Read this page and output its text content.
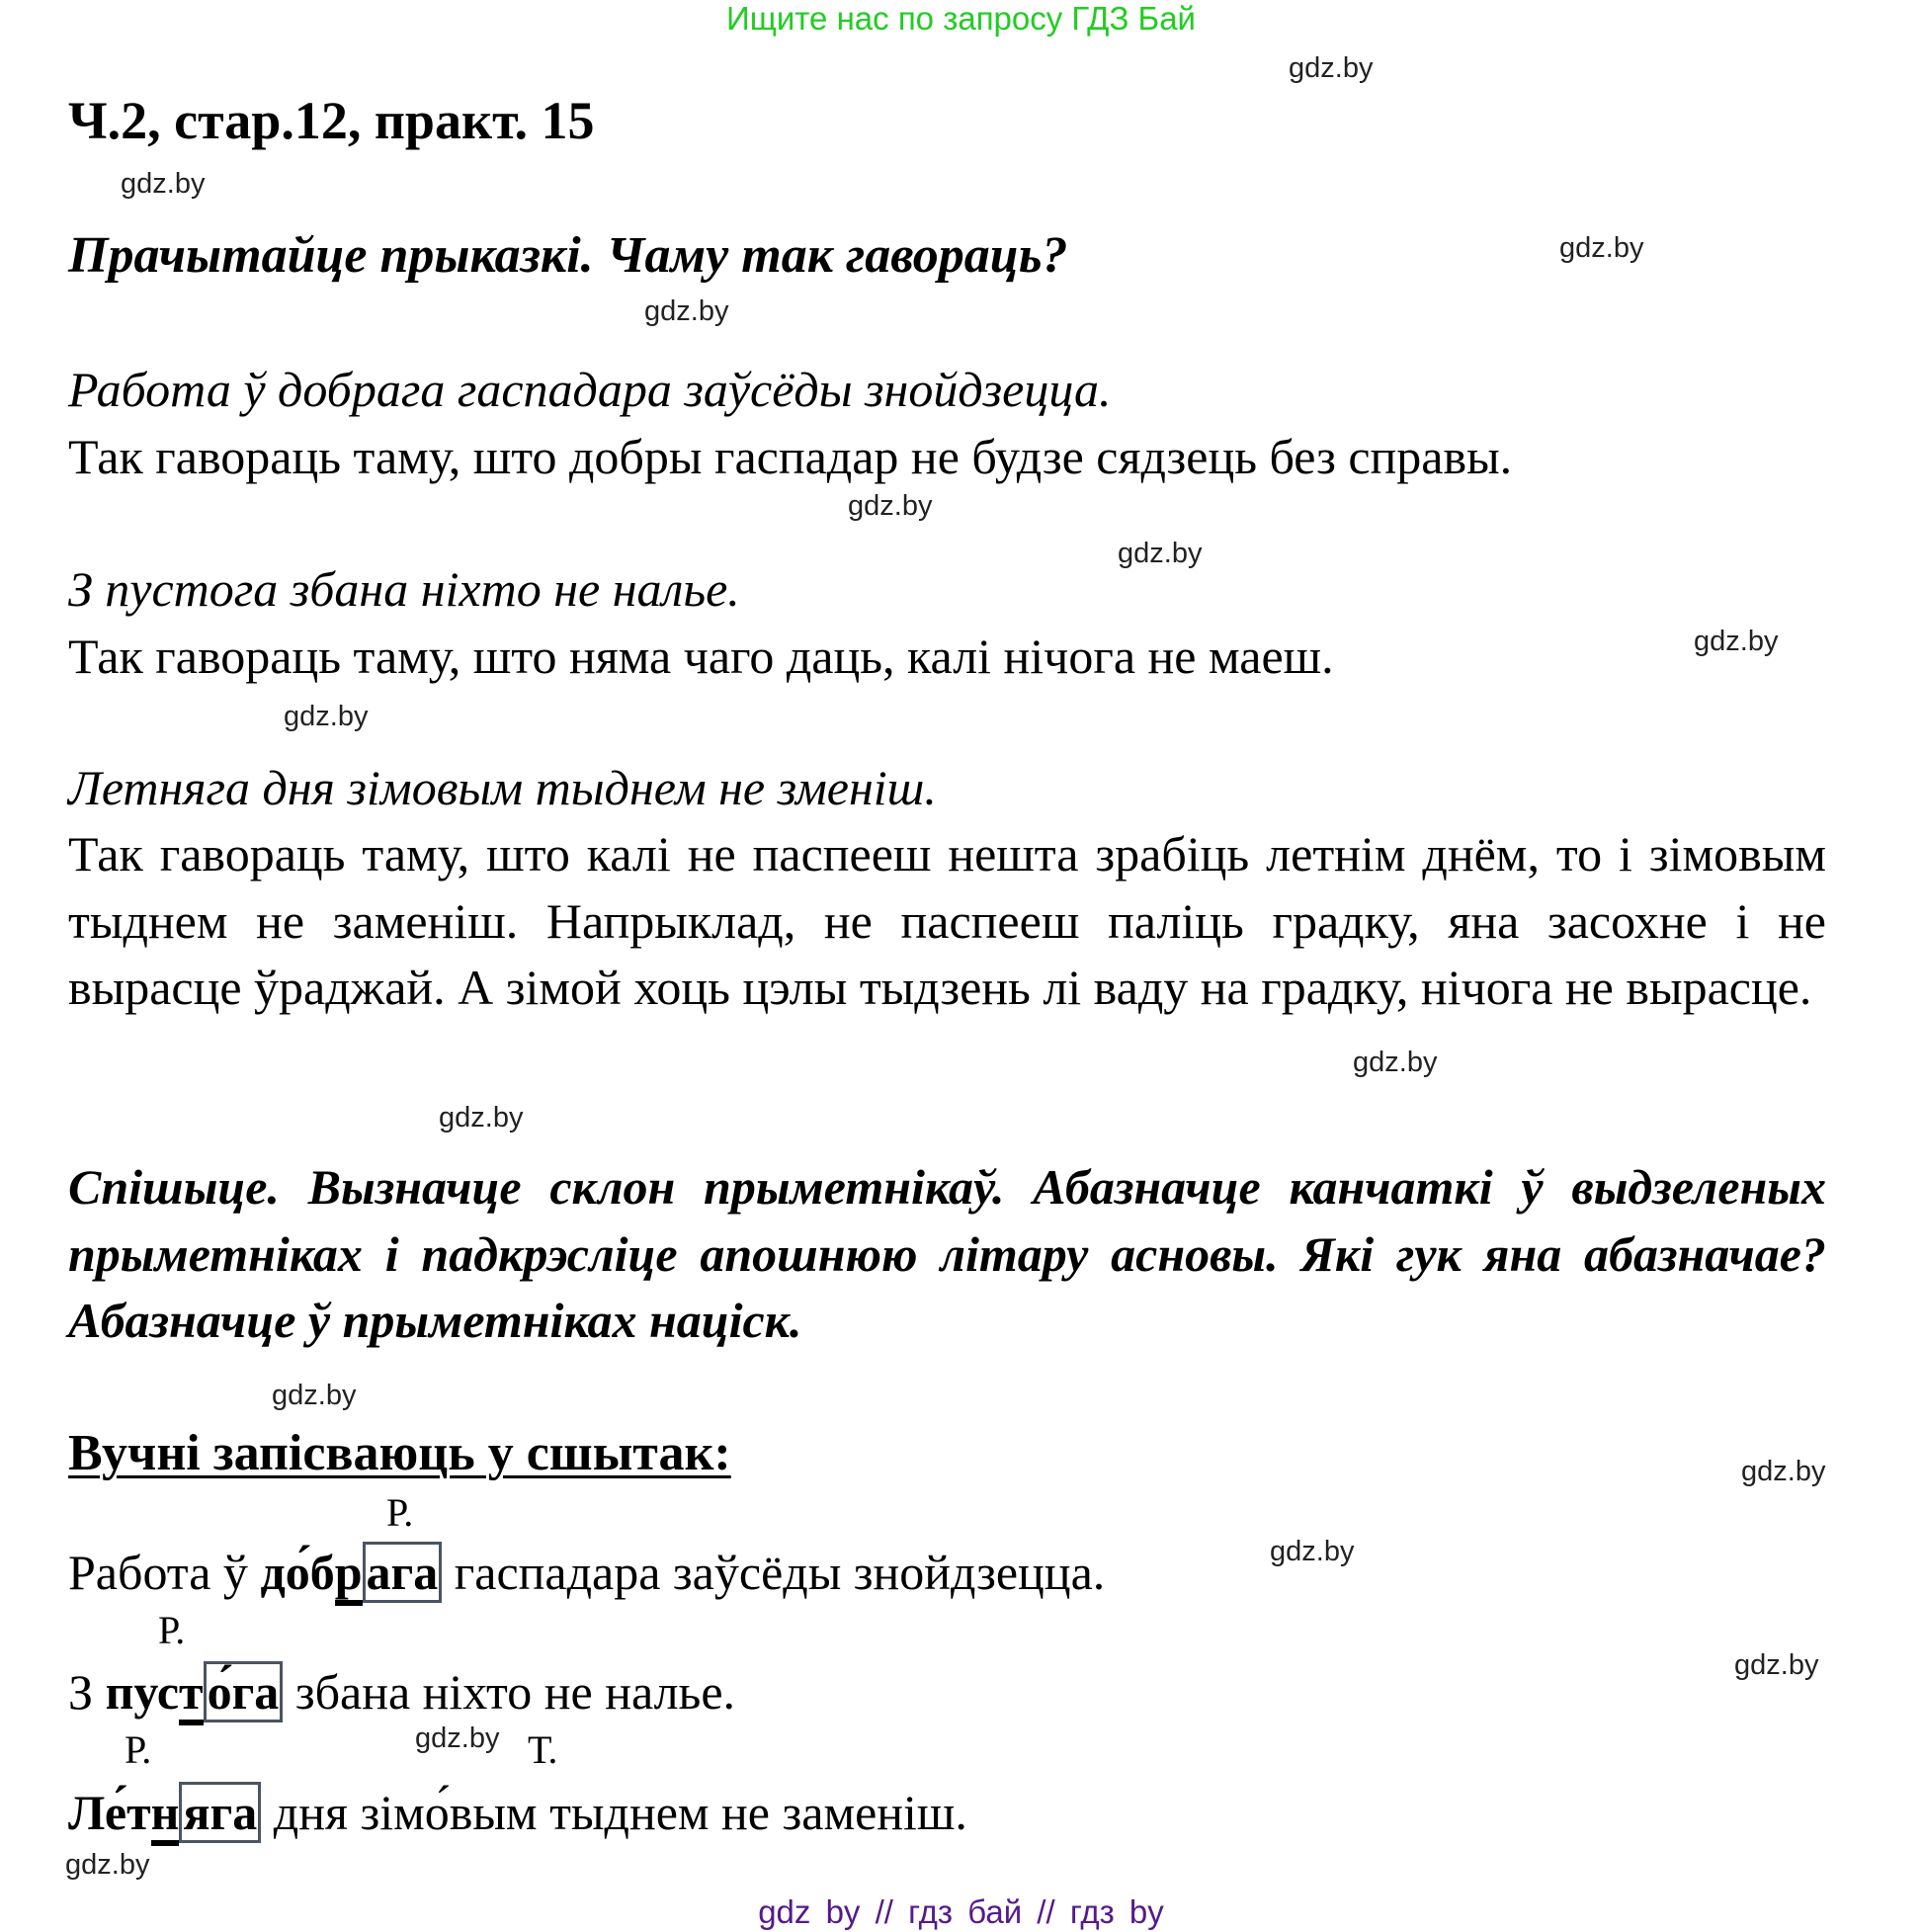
Ищите нас по запросу ГДЗ Бай
Ч.2, стар.12, практ. 15
Прачытайце прыказкі. Чаму так гавораць?
Работа ў добрага гаспадара заўсёды знойдзецца.
Так гавораць таму, што добры гаспадар не будзе сядзець без справы.
З пустога збана ніхто не налье.
Так гавораць таму, што няма чаго даць, калі нічога не маеш.
Летняга дня зімовым тыднем не зменіш.
Так гавораць таму, што калі не паспееш нешта зрабіць летнім днём, то і зімовым тыднем не заменіш. Напрыклад, не паспееш паліць градку, яна засохне і не вырасце ўраджай. А зімой хоць цэлы тыдзень лі ваду на градку, нічога не вырасце.
Спішыце. Вызначце склон прыметнікаў. Абазначце канчаткі ў выдзеленых прыметніках і падкрэсліце апошнюю літару асновы. Якi гук яна абазначае? Абазначце ў прыметніках націск.
Вучні запісваюць у сшытак:
Р.
Работа ў до́брага гаспадара заўсёды знойдзецца.
Р.
З пусто́га збана ніхто не налье.
Р.	Т.
Ле́тняга дня зімо́вым тыднем не заменіш.
gdz.by
gdz.by
gdz.by
gdz.by
gdz.by
gdz.by
gdz.by
gdz.by
gdz.by
gdz.by
gdz.by
gdz.by
gdz.by
gdz.by
gdz.by
gdz.by
gdz by // гдз бай // гдз by
